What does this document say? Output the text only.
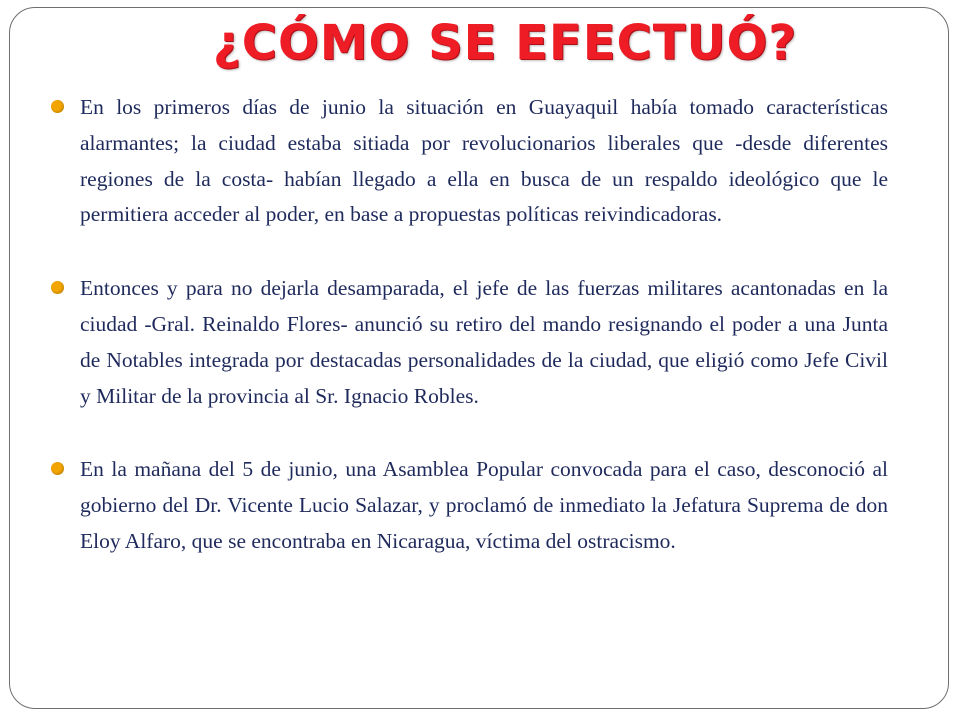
¿CÓMO SE EFECTUÓ?
En los primeros días de junio la situación en Guayaquil había tomado características alarmantes; la ciudad estaba sitiada por revolucionarios liberales que -desde diferentes regiones de la costa- habían llegado a ella en busca de un respaldo ideológico que le permitiera acceder al poder, en base a propuestas políticas reivindicadoras.
Entonces y para no dejarla desamparada, el jefe de las fuerzas militares acantonadas en la ciudad -Gral. Reinaldo Flores- anunció su retiro del mando resignando el poder a una Junta de Notables integrada por destacadas personalidades de la ciudad, que eligió como Jefe Civil y Militar de la provincia al Sr. Ignacio Robles.
En la mañana del 5 de junio, una Asamblea Popular convocada para el caso, desconoció al gobierno del Dr. Vicente Lucio Salazar, y proclamó de inmediato la Jefatura Suprema de don Eloy Alfaro, que se encontraba en Nicaragua, víctima del ostracismo.
